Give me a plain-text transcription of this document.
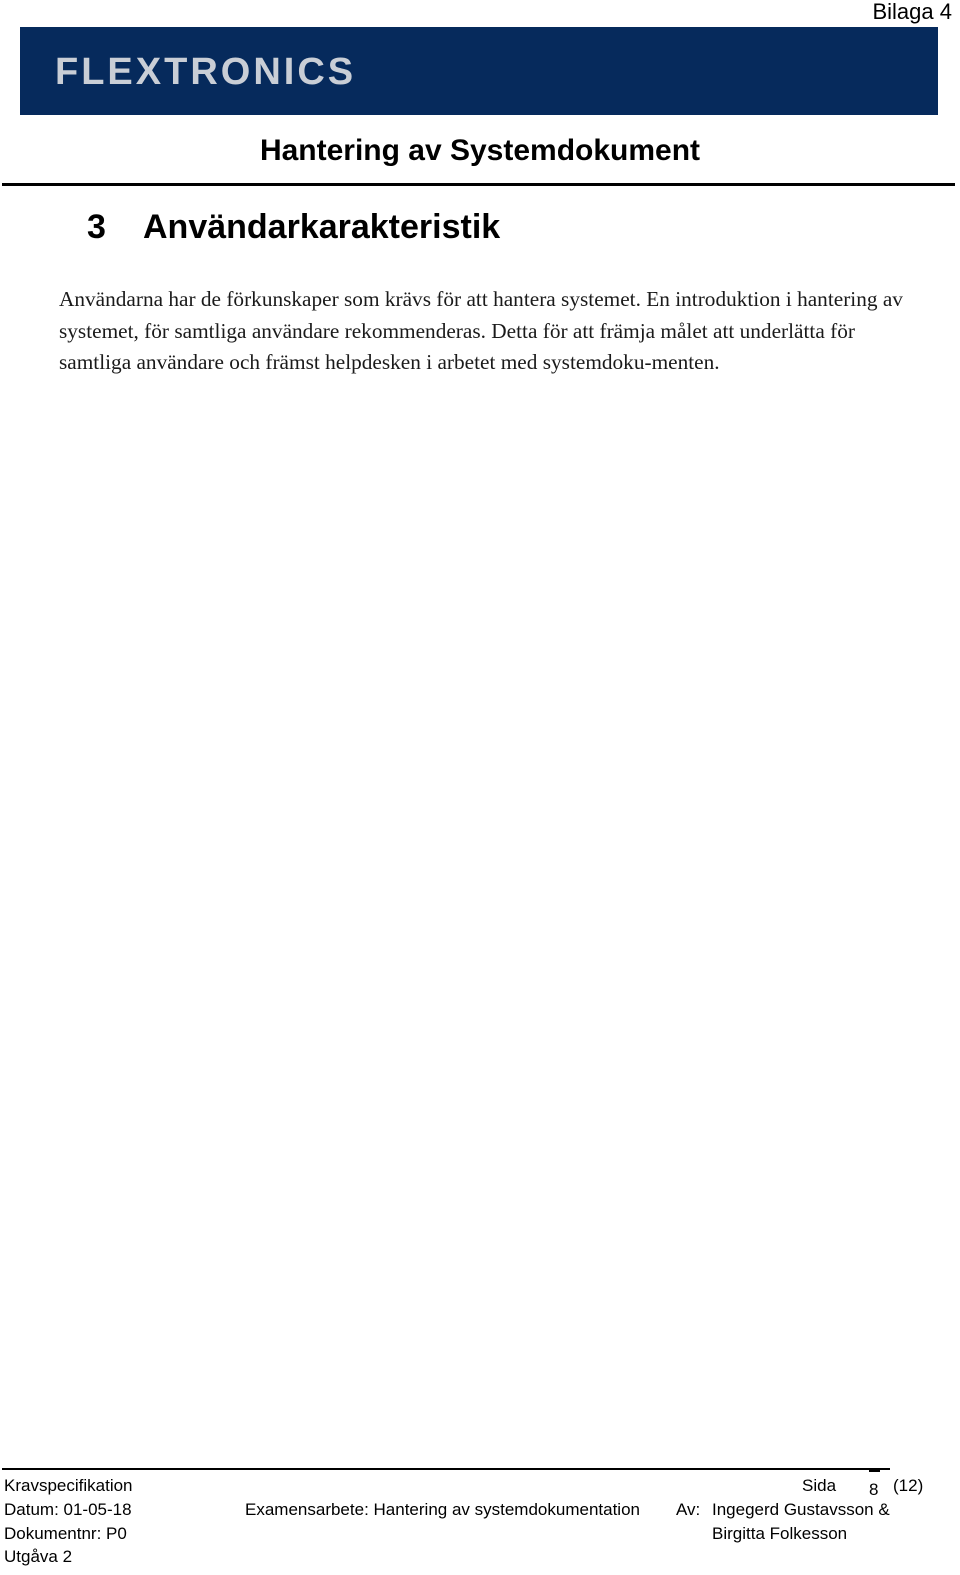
Bilaga 4
FLEXTRONICS
Hantering av Systemdokument
3 Användarkarakteristik

Användarna har de förkunskaper som krävs för att hantera systemet. En introduktion i hantering av systemet, för samtliga användare rekommenderas. Detta för att främja målet att underlätta för samtliga användare och främst helpdesken i arbetet med systemdoku-menten.

Kravspecifikation
Datum: 01-05-18
Dokumentnr: P0
Utgåva 2
Examensarbete: Hantering av systemdokumentation Av: Ingegerd Gustavsson &
Birgitta Folkesson
Sida 8 (12)
